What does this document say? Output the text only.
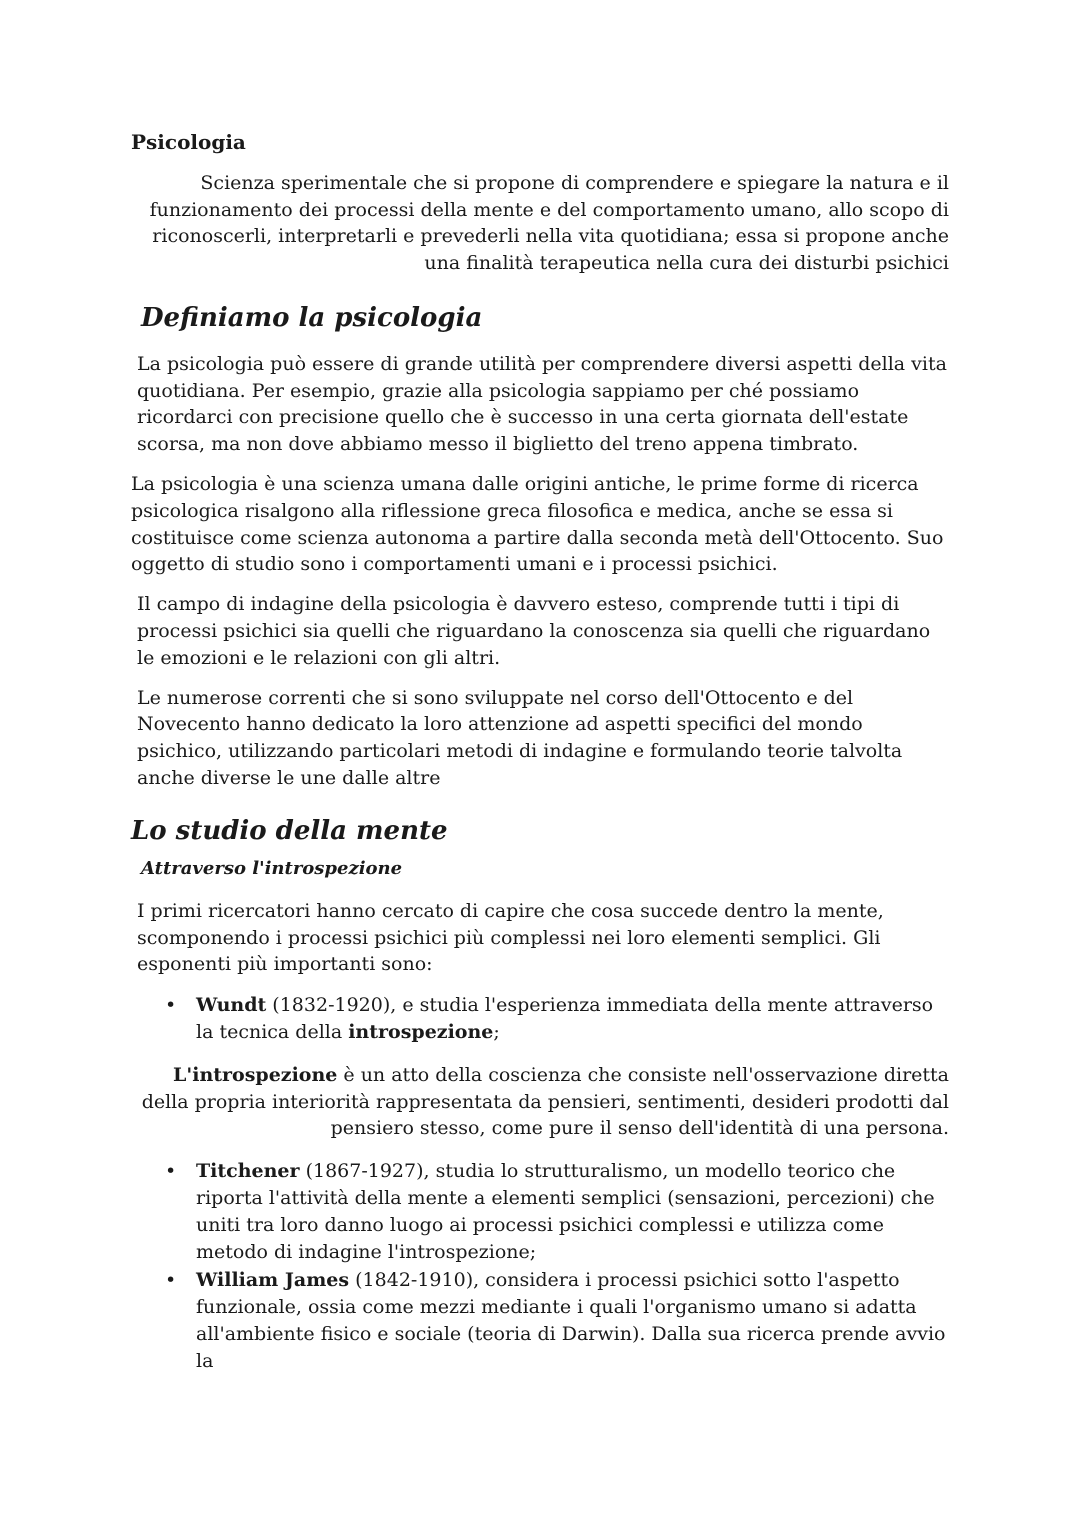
Psicologia

Scienza sperimentale che si propone di comprendere e spiegare la natura e il funzionamento dei processi della mente e del comportamento umano, allo scopo di riconoscerli, interpretarli e prevederli nella vita quotidiana; essa si propone anche una finalità terapeutica nella cura dei disturbi psichici

Definiamo la psicologia

La psicologia può essere di grande utilità per comprendere diversi aspetti della vita quotidiana. Per esempio, grazie alla psicologia sappiamo per ché possiamo ricordarci con precisione quello che è successo in una certa giornata dell'estate scorsa, ma non dove abbiamo messo il biglietto del treno appena timbrato.

La psicologia è una scienza umana dalle origini antiche, le prime forme di ricerca psicologica risalgono alla riflessione greca filosofica e medica, anche se essa si costituisce come scienza autonoma a partire dalla seconda metà dell'Ottocento. Suo oggetto di studio sono i comportamenti umani e i processi psichici.

Il campo di indagine della psicologia è davvero esteso, comprende tutti i tipi di processi psichici sia quelli che riguardano la conoscenza sia quelli che riguardano le emozioni e le relazioni con gli altri.

Le numerose correnti che si sono sviluppate nel corso dell'Ottocento e del Novecento hanno dedicato la loro attenzione ad aspetti specifici del mondo psichico, utilizzando particolari metodi di indagine e formulando teorie talvolta anche diverse le une dalle altre

Lo studio della mente
Attraverso l'introspezione

I primi ricercatori hanno cercato di capire che cosa succede dentro la mente, scomponendo i processi psichici più complessi nei loro elementi semplici. Gli esponenti più importanti sono:

• Wundt (1832-1920), e studia l'esperienza immediata della mente attraverso la tecnica della introspezione;

L'introspezione è un atto della coscienza che consiste nell'osservazione diretta della propria interiorità rappresentata da pensieri, sentimenti, desideri prodotti dal pensiero stesso, come pure il senso dell'identità di una persona.

• Titchener (1867-1927), studia lo strutturalismo, un modello teorico che riporta l'attività della mente a elementi semplici (sensazioni, percezioni) che uniti tra loro danno luogo ai processi psichici complessi e utilizza come metodo di indagine l'introspezione;
• William James (1842-1910), considera i processi psichici sotto l'aspetto funzionale, ossia come mezzi mediante i quali l'organismo umano si adatta all'ambiente fisico e sociale (teoria di Darwin). Dalla sua ricerca prende avvio la
